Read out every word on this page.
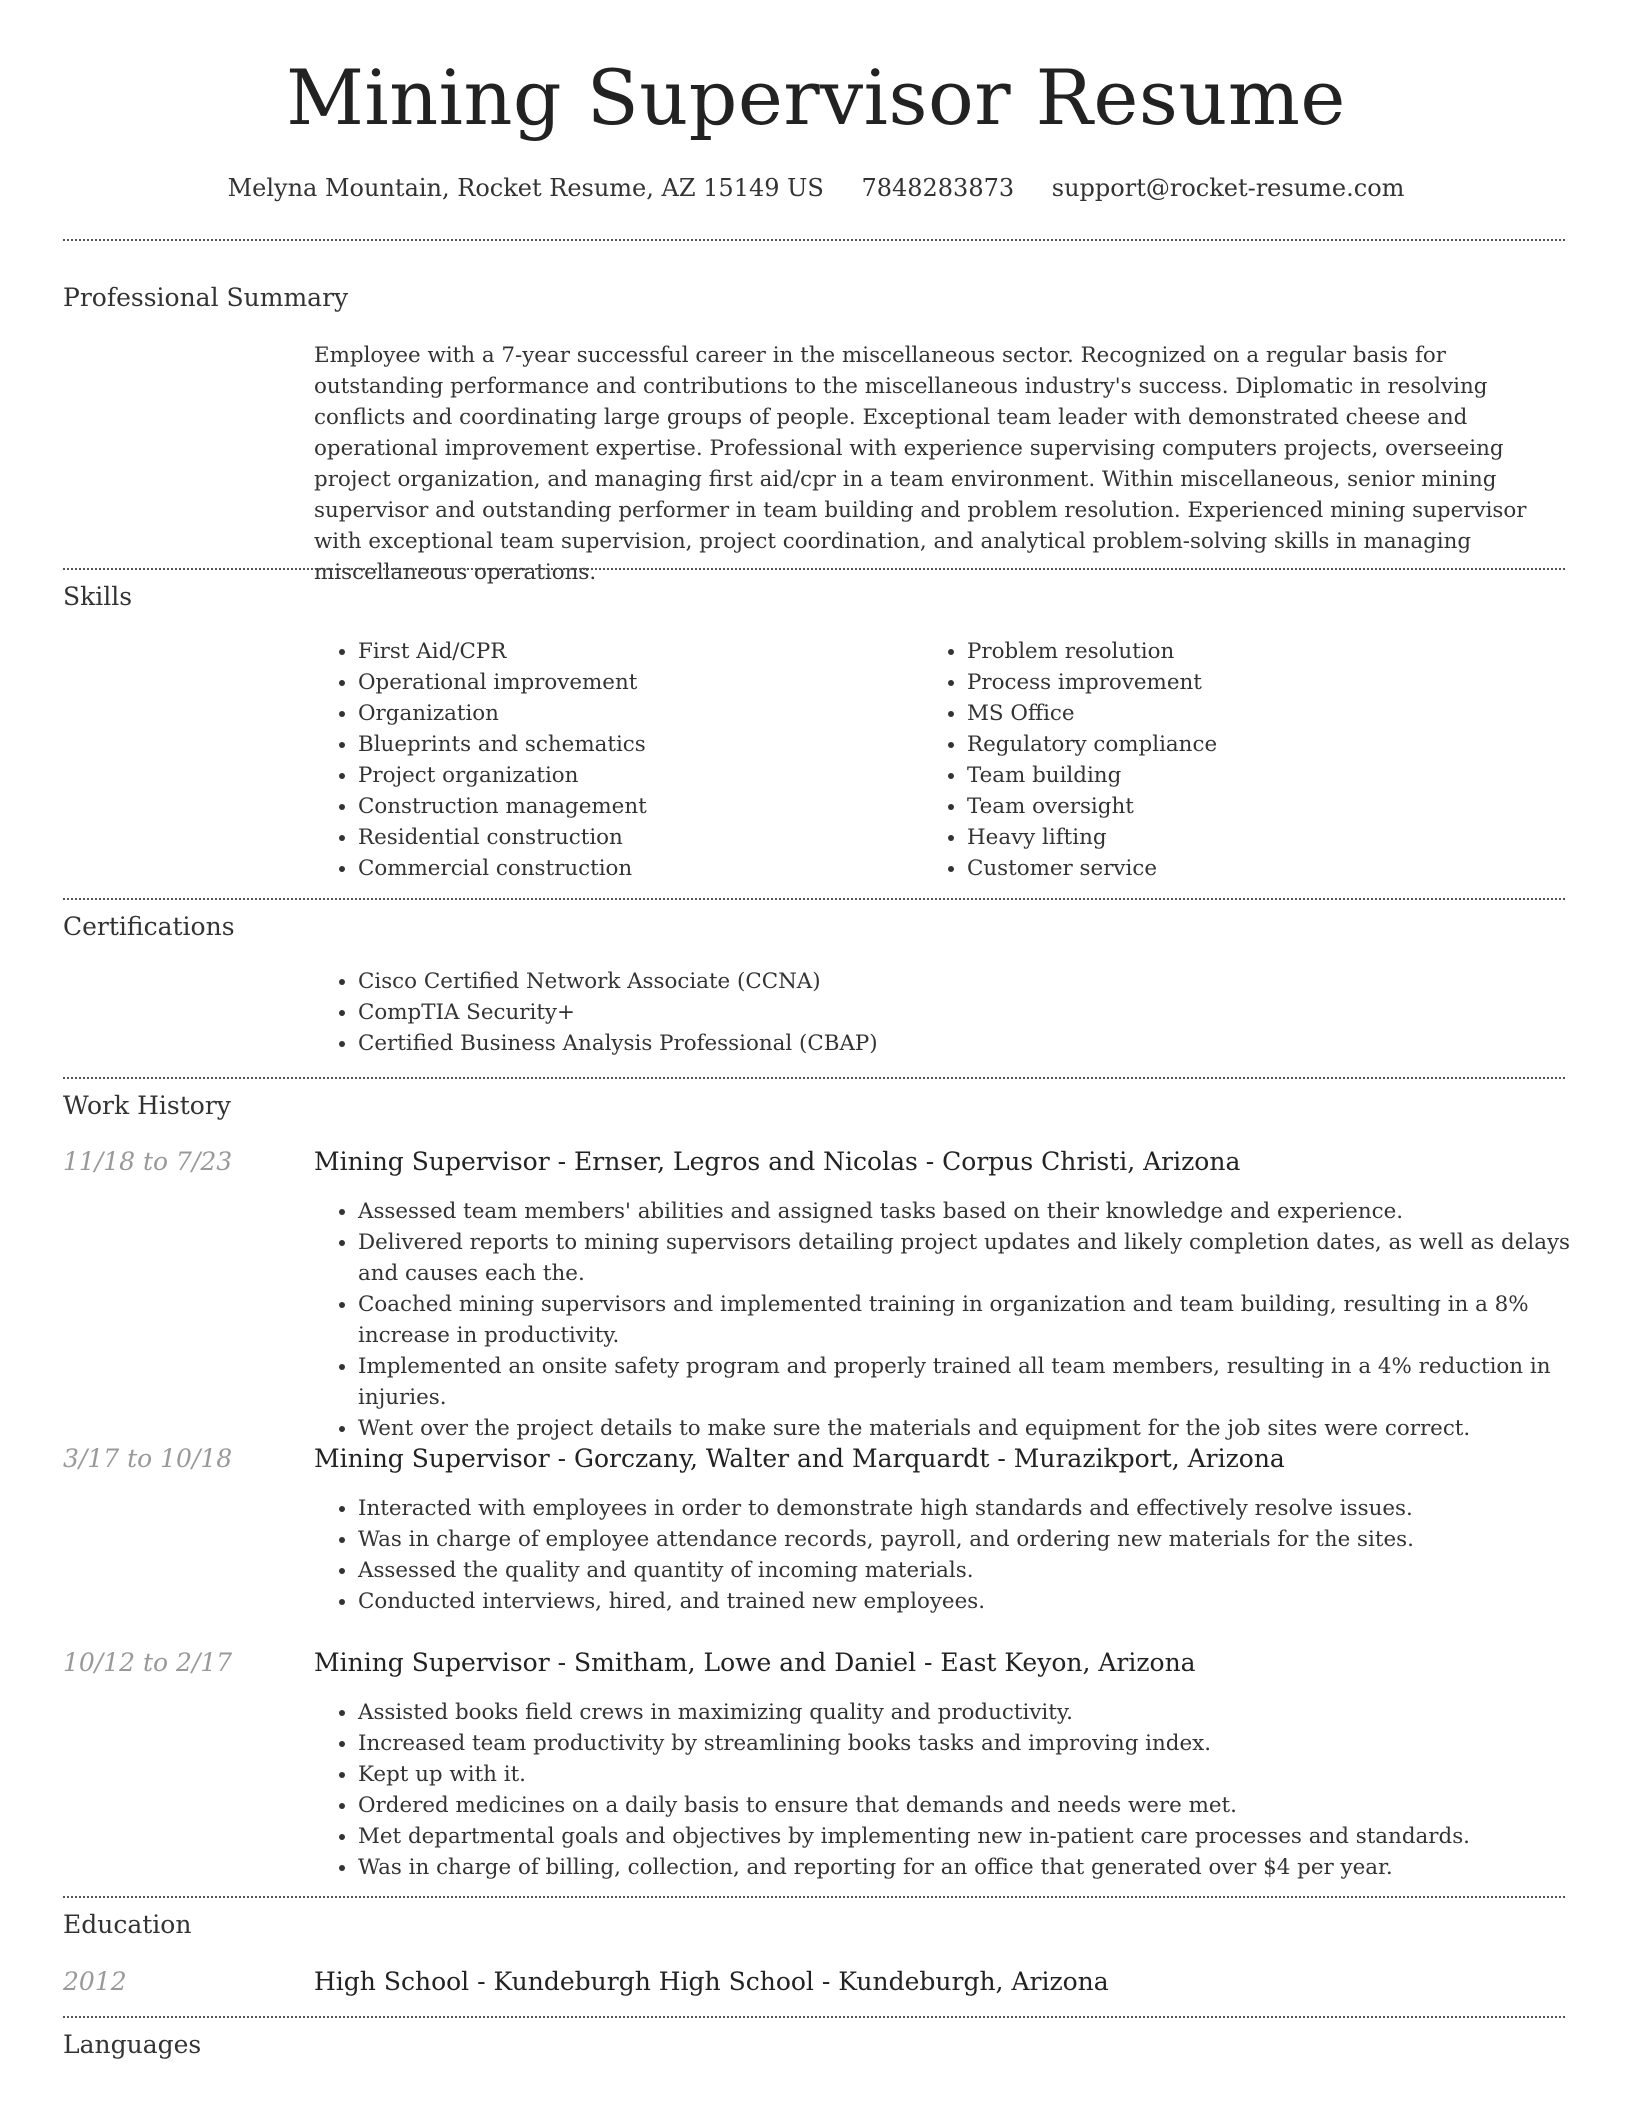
Mining Supervisor Resume
Melyna Mountain, Rocket Resume, AZ 15149 US 7848283873 support@rocket-resume.com
Professional Summary
Employee with a 7-year successful career in the miscellaneous sector. Recognized on a regular basis for outstanding performance and contributions to the miscellaneous industry's success. Diplomatic in resolving conflicts and coordinating large groups of people. Exceptional team leader with demonstrated cheese and operational improvement expertise. Professional with experience supervising computers projects, overseeing project organization, and managing first aid/cpr in a team environment. Within miscellaneous, senior mining supervisor and outstanding performer in team building and problem resolution. Experienced mining supervisor with exceptional team supervision, project coordination, and analytical problem-solving skills in managing miscellaneous operations.
Skills
• First Aid/CPR
• Operational improvement
• Organization
• Blueprints and schematics
• Project organization
• Construction management
• Residential construction
• Commercial construction
• Problem resolution
• Process improvement
• MS Office
• Regulatory compliance
• Team building
• Team oversight
• Heavy lifting
• Customer service
Certifications
• Cisco Certified Network Associate (CCNA)
• CompTIA Security+
• Certified Business Analysis Professional (CBAP)
Work History
11/18 to 7/23	Mining Supervisor - Ernser, Legros and Nicolas - Corpus Christi, Arizona
• Assessed team members' abilities and assigned tasks based on their knowledge and experience.
• Delivered reports to mining supervisors detailing project updates and likely completion dates, as well as delays and causes each the.
• Coached mining supervisors and implemented training in organization and team building, resulting in a 8% increase in productivity.
• Implemented an onsite safety program and properly trained all team members, resulting in a 4% reduction in injuries.
• Went over the project details to make sure the materials and equipment for the job sites were correct.
3/17 to 10/18	Mining Supervisor - Gorczany, Walter and Marquardt - Murazikport, Arizona
• Interacted with employees in order to demonstrate high standards and effectively resolve issues.
• Was in charge of employee attendance records, payroll, and ordering new materials for the sites.
• Assessed the quality and quantity of incoming materials.
• Conducted interviews, hired, and trained new employees.
10/12 to 2/17	Mining Supervisor - Smitham, Lowe and Daniel - East Keyon, Arizona
• Assisted books field crews in maximizing quality and productivity.
• Increased team productivity by streamlining books tasks and improving index.
• Kept up with it.
• Ordered medicines on a daily basis to ensure that demands and needs were met.
• Met departmental goals and objectives by implementing new in-patient care processes and standards.
• Was in charge of billing, collection, and reporting for an office that generated over $4 per year.
Education
2012	High School - Kundeburgh High School - Kundeburgh, Arizona
Languages
